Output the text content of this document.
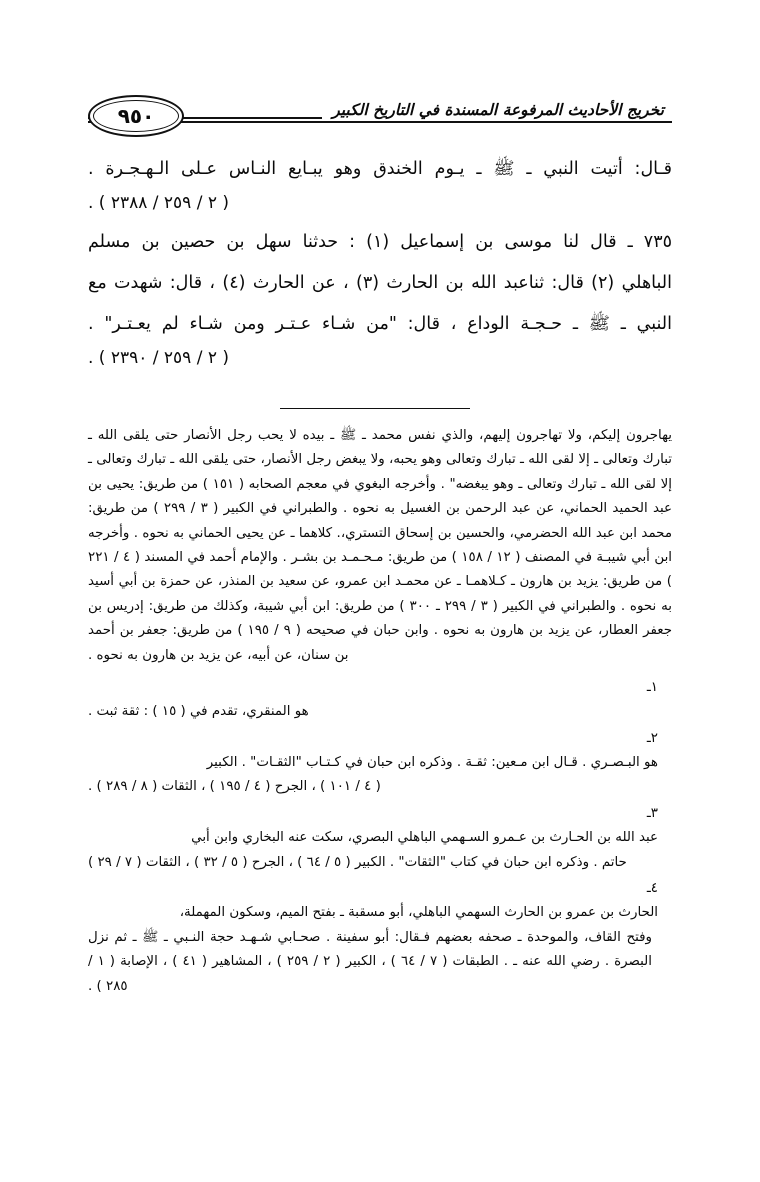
تخريج الأحاديث المرفوعة المسندة في التاريخ الكبير
٩٥٠

قـال: أتيت النبي ـ ﷺ ـ يـوم الخندق وهو يبـايع النـاس عـلى الـهـجـرة .

( ٢ / ٢٥٩ / ٢٣٨٨ ) .

٧٣٥ ـ قال لنا موسى بن إسماعيل (١) : حدثنا سهل بن حصين بن مسلم

الباهلي (٢) قال: ثناعبد الله بن الحارث (٣) ، عن الحارث (٤) ، قال: شهدت مع

النبي ـ ﷺ ـ حـجـة الوداع ، قال: "من شـاء عـتـر ومن شـاء لم يعـتـر" .

( ٢ / ٢٥٩ / ٢٣٩٠ ) .

يهاجرون إليكم، ولا تهاجرون إليهم، والذي نفس محمد ـ ﷺ ـ بيده لا يحب رجل الأنصار حتى يلقى الله ـ تبارك وتعالى ـ إلا لقى الله ـ تبارك وتعالى وهو يحبه، ولا يبغض رجل الأنصار، حتى يلقى الله ـ تبارك وتعالى ـ إلا لقى الله ـ تبارك وتعالى ـ وهو يبغضه" . وأخرجه البغوي في معجم الصحابه ( ١٥١ ) من طريق: يحيى بن عبد الحميد الحماني، عن عبد الرحمن بن الغسيل به نحوه . والطبراني في الكبير ( ٣ / ٢٩٩ ) من طريق: محمد ابن عبد الله الحضرمي، والحسين بن إسحاق التستري،. كلاهما ـ عن يحيى الحماني به نحوه . وأخرجه ابن أبي شيبـة في المصنف ( ١٢ / ١٥٨ ) من طريق: مـحـمـد بن بشـر . والإمام أحمد في المسند ( ٤ / ٢٢١ ) من طريق: يزيد بن هارون ـ كـلاهمـا ـ عن محمـد ابن عمرو، عن سعيد بن المنذر، عن حمزة بن أبي أسيد به نحوه . والطبراني في الكبير ( ٣ / ٢٩٩ ـ ٣٠٠ ) من طريق: ابن أبي شيبة، وكذلك من طريق: إدريس بن جعفر العطار، عن يزيد بن هارون به نحوه . وابن حبان في صحيحه ( ٩ / ١٩٥ ) من طريق: جعفر بن أحمد بن سنان، عن أبيه، عن يزيد بن هارون به نحوه .
١ـ
هو المنقري، تقدم في ( ١٥ ) : ثقة ثبت .
٢ـ
هو البـصـري . قـال ابن مـعين: ثقـة . وذكره ابن حبان في كـتـاب "الثقـات" . الكبير
( ٤ / ١٠١ ) ، الجرح ( ٤ / ١٩٥ ) ، الثقات ( ٨ / ٢٨٩ ) .
٣ـ
عبد الله بن الحـارث بن عـمرو السـهمي الباهلي البصري، سكت عنه البخاري وابن أبي
حاتم . وذكره ابن حبان في كتاب "الثقات" . الكبير ( ٥ / ٦٤ ) ، الجرح ( ٥ / ٣٢ ) ، الثقات ( ٧ / ٢٩ )
٤ـ
الحارث بن عمرو بن الحارث السهمي الباهلي، أبو مسقبة ـ بفتح الميم، وسكون المهملة،
وفتح القاف، والموحدة ـ صحفه بعضهم فـقال: أبو سفينة . صحـابي شـهـد حجة النـبي ـ ﷺ ـ ثم نزل البصرة . رضي الله عنه ـ . الطبقات ( ٧ / ٦٤ ) ، الكبير ( ٢ / ٢٥٩ ) ، المشاهير ( ٤١ ) ، الإصابة ( ١ / ٢٨٥ ) .
